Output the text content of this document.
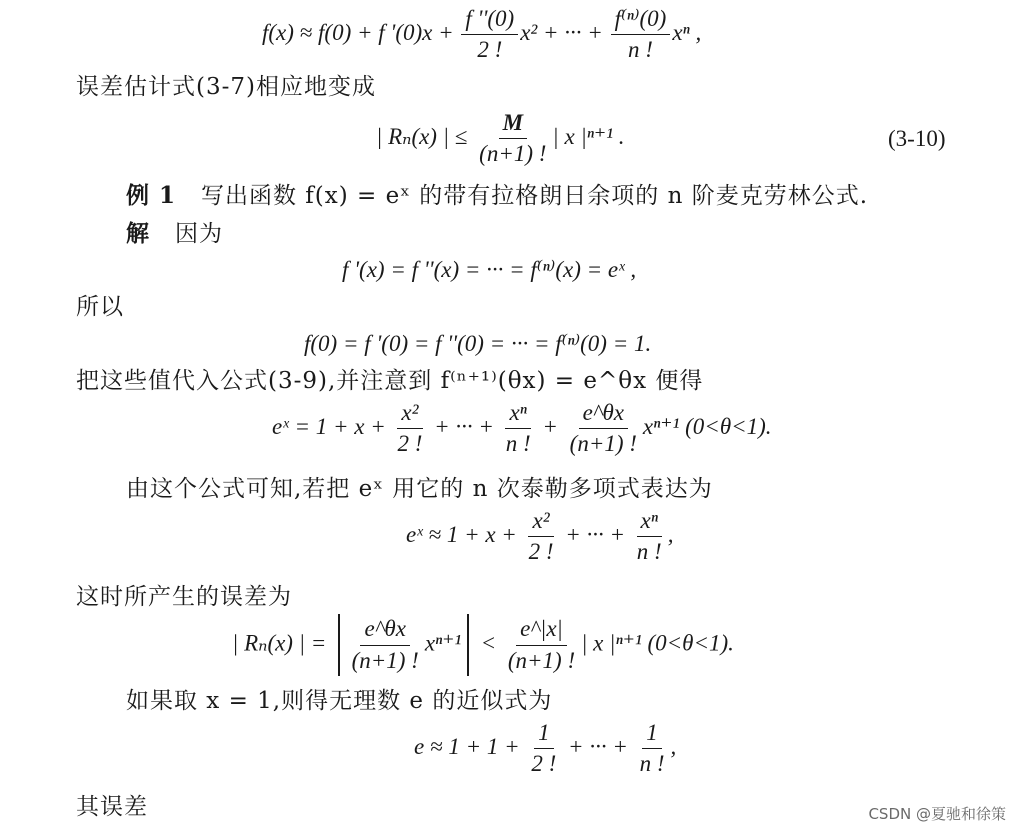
f(x) ≈ f(0) + f '$(0)x + \frac{f ''(0)}{2 !} x^2$ + ··· + $\frac{\text{f⁽ⁿ⁾(0)}}{n !}$ xⁿ ,
误差估计式(3-7)相应地变成
| Rₙ(x) | ≤ $\frac{M}{(n+1) !}$ | x |ⁿ⁺¹ .	(3-10)
例 1 写出函数 f(x) = eˣ 的带有拉格朗日余项的 n 阶麦克劳林公式.
解 因为
f '(x) = f ''(x) = ··· = f⁽ⁿ⁾(x) = eˣ ,
所以
f(0) = f '(0) = f ''(0) = ··· = f⁽ⁿ⁾(0) = 1.
把这些值代入公式(3-9),并注意到 f⁽ⁿ⁺¹⁾(θx) = e^θx 便得
eˣ = $1 + x + \frac{\text{x²}}{2 !}$ + ··· + $\frac{\text{xⁿ}}{n !} + \frac{e\^{}\theta x}{(n+1) !} x^{n+1}$ (0<θ<1).
由这个公式可知,若把 eˣ 用它的 n 次泰勒多项式表达为
eˣ ≈ $1 + x + \frac{\text{x²}}{2 !}$ + ··· + $\frac{\text{xⁿ}}{n !}$ ,
这时所产生的误差为
| Rₙ(x) | = $\frac{e\^{}\theta x}{(n+1) !} x^{n+1} < \frac{e\^{}|x|}{(n+1) !}$ | x |ⁿ⁺¹ (0<θ<1).
如果取 x = 1,则得无理数 e 的近似式为
$e \approx 1 + 1 + \frac{1}{2 !}$ + ··· + $\frac{1}{n !}$ ,
其误差	CSDN @夏驰和徐策
